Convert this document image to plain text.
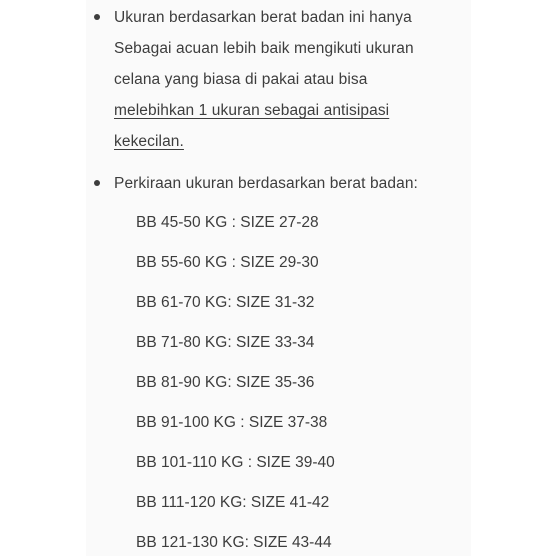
Ukuran berdasarkan berat badan ini hanya
Sebagai acuan lebih baik mengikuti ukuran
celana yang biasa di pakai atau bisa
melebihkan 1 ukuran sebagai antisipasi
kekecilan.
Perkiraan ukuran berdasarkan berat badan:
BB 45-50 KG : SIZE 27-28
BB 55-60 KG : SIZE 29-30
BB 61-70 KG: SIZE 31-32
BB 71-80 KG: SIZE 33-34
BB 81-90 KG: SIZE 35-36
BB 91-100 KG : SIZE 37-38
BB 101-110 KG : SIZE 39-40
BB 111-120 KG: SIZE 41-42
BB 121-130 KG: SIZE 43-44
